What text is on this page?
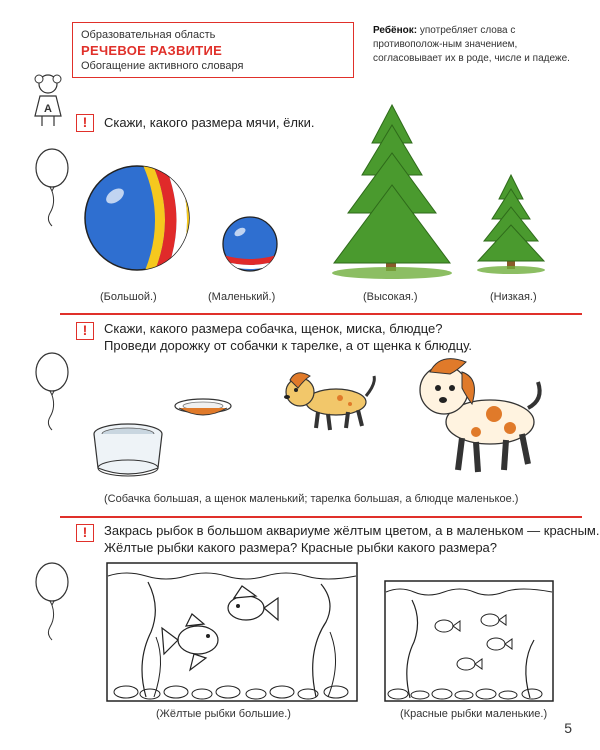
Образовательная область
РЕЧЕВОЕ РАЗВИТИЕ
Обогащение активного словаря
Ребёнок: употребляет слова с противополож-ным значением, согласовывает их в роде, числе и падеже.
A
!	Скажи, какого размера мячи, ёлки.
(Большой.)	(Маленький.)	(Высокая.)	(Низкая.)
!	Скажи, какого размера собачка, щенок, миска, блюдце?
Проведи дорожку от собачки к тарелке, а от щенка к блюдцу.
(Собачка большая, а щенок маленький; тарелка большая, а блюдце маленькое.)
!	Закрась рыбок в большом аквариуме жёлтым цветом, а в маленьком — красным.
Жёлтые рыбки какого размера? Красные рыбки какого размера?
(Жёлтые рыбки большие.)	(Красные рыбки маленькие.)
5
